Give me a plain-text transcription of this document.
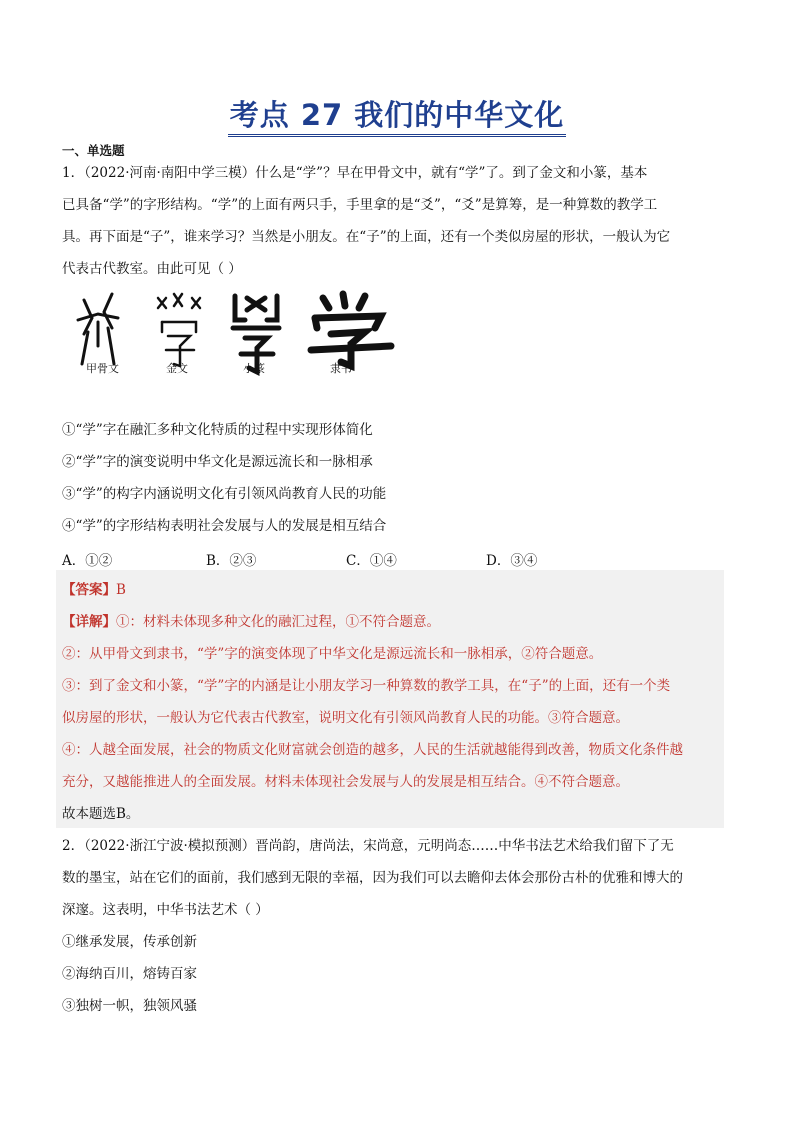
考点 27 我们的中华文化
一、单选题
1．（2022·河南·南阳中学三模）什么是“学”？早在甲骨文中，就有“学”了。到了金文和小篆，基本
已具备“学”的字形结构。“学”的上面有两只手，手里拿的是“爻”，“爻”是算筹，是一种算数的教学工
具。再下面是“子”，谁来学习？当然是小朋友。在“子”的上面，还有一个类似房屋的形状，一般认为它
代表古代教室。由此可见（ ）
甲骨文	金文	小篆	隶书
①“学”字在融汇多种文化特质的过程中实现形体简化
②“学”字的演变说明中华文化是源远流长和一脉相承
③“学”的构字内涵说明文化有引领风尚教育人民的功能
④“学”的字形结构表明社会发展与人的发展是相互结合
A．①②	B．②③	C．①④	D．③④
【答案】B
【详解】①：材料未体现多种文化的融汇过程，①不符合题意。
②：从甲骨文到隶书，“学”字的演变体现了中华文化是源远流长和一脉相承，②符合题意。
③：到了金文和小篆，“学”字的内涵是让小朋友学习一种算数的教学工具，在“子”的上面，还有一个类
似房屋的形状，一般认为它代表古代教室，说明文化有引领风尚教育人民的功能。③符合题意。
④：人越全面发展，社会的物质文化财富就会创造的越多，人民的生活就越能得到改善，物质文化条件越
充分，又越能推进人的全面发展。材料未体现社会发展与人的发展是相互结合。④不符合题意。
故本题选B。
2．（2022·浙江宁波·模拟预测）晋尚韵，唐尚法，宋尚意，元明尚态……中华书法艺术给我们留下了无
数的墨宝，站在它们的面前，我们感到无限的幸福，因为我们可以去瞻仰去体会那份古朴的优雅和博大的
深邃。这表明，中华书法艺术（ ）
①继承发展，传承创新
②海纳百川，熔铸百家
③独树一帜，独领风骚
